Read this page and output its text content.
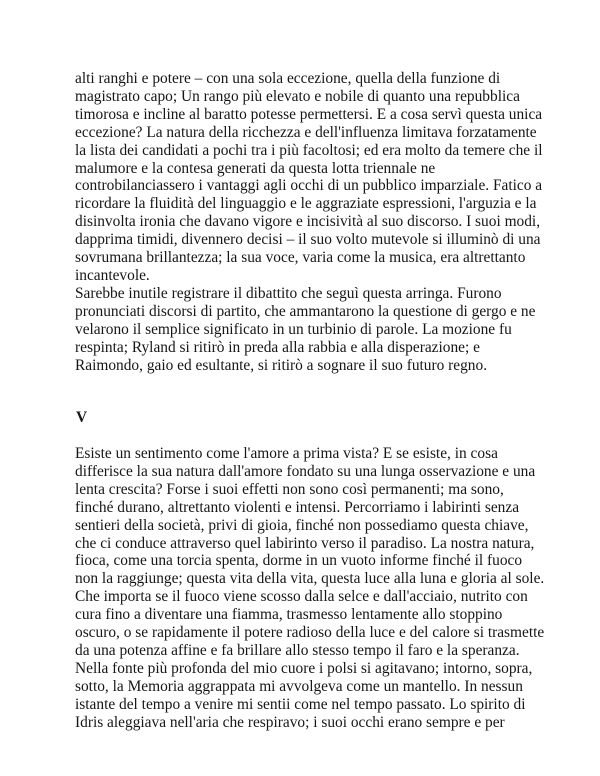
alti ranghi e potere – con una sola eccezione, quella della funzione di
magistrato capo; Un rango più elevato e nobile di quanto una repubblica
timorosa e incline al baratto potesse permettersi. E a cosa servì questa unica
eccezione? La natura della ricchezza e dell'influenza limitava forzatamente
la lista dei candidati a pochi tra i più facoltosi; ed era molto da temere che il
malumore e la contesa generati da questa lotta triennale ne
controbilanciassero i vantaggi agli occhi di un pubblico imparziale. Fatico a
ricordare la fluidità del linguaggio e le aggraziate espressioni, l'arguzia e la
disinvolta ironia che davano vigore e incisività al suo discorso. I suoi modi,
dapprima timidi, divennero decisi – il suo volto mutevole si illuminò di una
sovrumana brillantezza; la sua voce, varia come la musica, era altrettanto
incantevole.

Sarebbe inutile registrare il dibattito che seguì questa arringa. Furono
pronunciati discorsi di partito, che ammantarono la questione di gergo e ne
velarono il semplice significato in un turbinio di parole. La mozione fu
respinta; Ryland si ritirò in preda alla rabbia e alla disperazione; e
Raimondo, gaio ed esultante, si ritirò a sognare il suo futuro regno.

V

Esiste un sentimento come l'amore a prima vista? E se esiste, in cosa
differisce la sua natura dall'amore fondato su una lunga osservazione e una
lenta crescita? Forse i suoi effetti non sono così permanenti; ma sono,
finché durano, altrettanto violenti e intensi. Percorriamo i labirinti senza
sentieri della società, privi di gioia, finché non possediamo questa chiave,
che ci conduce attraverso quel labirinto verso il paradiso. La nostra natura,
fioca, come una torcia spenta, dorme in un vuoto informe finché il fuoco
non la raggiunge; questa vita della vita, questa luce alla luna e gloria al sole.
Che importa se il fuoco viene scosso dalla selce e dall'acciaio, nutrito con
cura fino a diventare una fiamma, trasmesso lentamente allo stoppino
oscuro, o se rapidamente il potere radioso della luce e del calore si trasmette
da una potenza affine e fa brillare allo stesso tempo il faro e la speranza.
Nella fonte più profonda del mio cuore i polsi si agitavano; intorno, sopra,
sotto, la Memoria aggrappata mi avvolgeva come un mantello. In nessun
istante del tempo a venire mi sentii come nel tempo passato. Lo spirito di
Idris aleggiava nell'aria che respiravo; i suoi occhi erano sempre e per
